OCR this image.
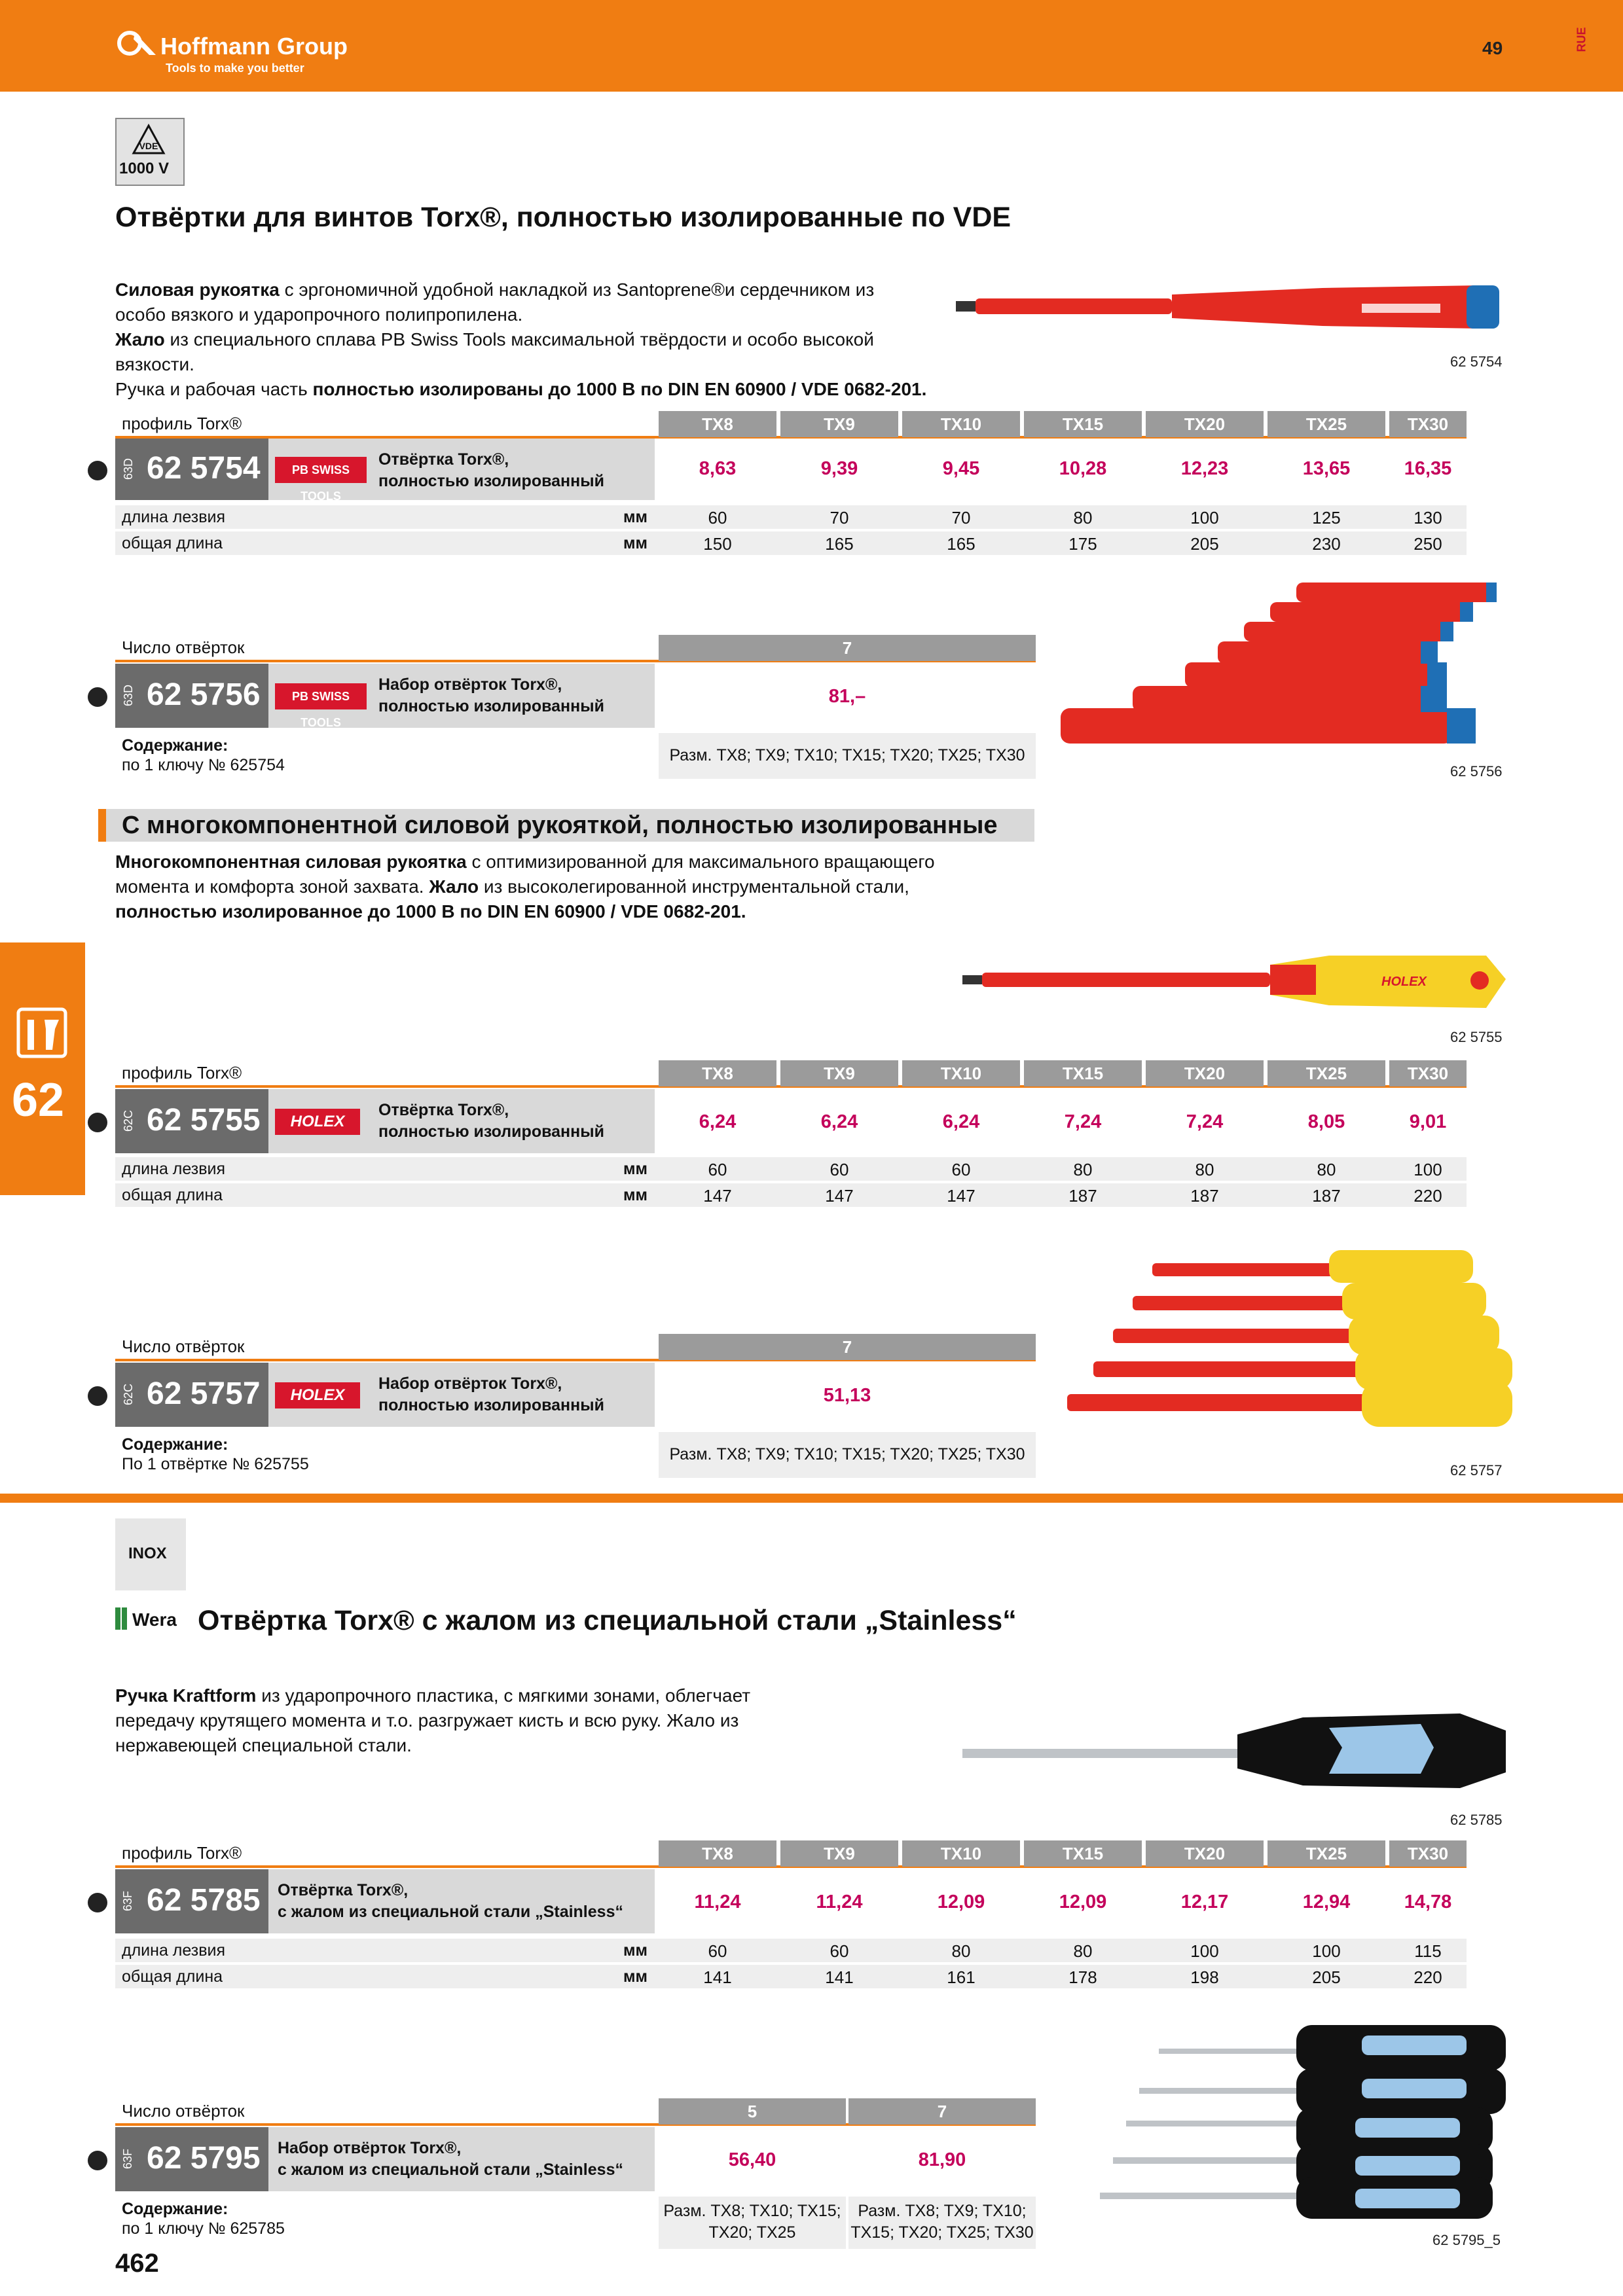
Hoffmann Group
Tools to make you better
49	RUE
62
VDE
1000 V
Отвёртки для винтов Torx®, полностью изолированные по VDE
Силовая рукоятка с эргономичной удобной накладкой из Santoprene®и сердечником из
особо вязкого и ударопрочного полипропилена.
Жало из специального сплава PB Swiss Tools максимальной твёрдости и особо высокой
вязкости.
Ручка и рабочая часть полностью изолированы до 1000 В по DIN EN 60900 / VDE 0682-201.
62 5754
профиль Torx®	TX8	TX9	TX10	TX15	TX20	TX25	TX30
63D 62 5754	PB SWISS TOOLS
Отвёртка Torx®,
полностью изолированный
8,63	9,39	9,45	10,28	12,23	13,65	16,35
длина лезвия	мм	60	70	70	80	100	125	130
общая длина	мм	150	165	165	175	205	230	250
Число отвёрток	7
63D 62 5756	PB SWISS TOOLS
Набор отвёрток Torx®,
полностью изолированный	81,–
Содержание:
по 1 ключу № 625754
Разм. TX8; TX9; TX10; TX15; TX20; TX25; TX30
62 5756
С многокомпонентной силовой рукояткой, полностью изолированные
Многокомпонентная силовая рукоятка с оптимизированной для максимального вращающего
момента и комфорта зоной захвата. Жало из высоколегированной инструментальной стали,
полностью изолированное до 1000 В по DIN EN 60900 / VDE 0682-201.
HOLEX
62 5755
профиль Torx®	TX8	TX9	TX10	TX15	TX20	TX25	TX30
62C 62 5755	HOLEX
Отвёртка Torx®,
полностью изолированный	6,24	6,24	6,24	7,24	7,24	8,05	9,01
длина лезвия	мм	60	60	60	80	80	80	100
общая длина	мм	147	147	147	187	187	187	220
Число отвёрток	7
62C 62 5757	HOLEX
Набор отвёрток Torx®,
полностью изолированный	51,13
Содержание:
По 1 отвёртке № 625755
Разм. TX8; TX9; TX10; TX15; TX20; TX25; TX30
62 5757
INOX
Wera Отвёртка Torx® с жалом из специальной стали „Stainless“
Ручка Kraftform из ударопрочного пластика, с мягкими зонами, облегчает
передачу крутящего момента и т.о. разгружает кисть и всю руку. Жало из
нержавеющей специальной стали.
62 5785
профиль Torx®	TX8	TX9	TX10	TX15	TX20	TX25	TX30
63F 62 5785 Отвёртка Torx®,
с жалом из специальной стали „Stainless“	11,24	11,24	12,09	12,09	12,17	12,94	14,78
длина лезвия	мм	60	60	80	80	100	100	115
общая длина	мм	141	141	161	178	198	205	220
Число отвёрток	5	7
63F 62 5795 Набор отвёрток Torx®,
с жалом из специальной стали „Stainless“	56,40	81,90
Содержание:
по 1 ключу № 625785
Разм. TX8; TX10; TX15;
TX20; TX25
Разм. TX8; TX9; TX10;
TX15; TX20; TX25; TX30	62 5795_5
462
